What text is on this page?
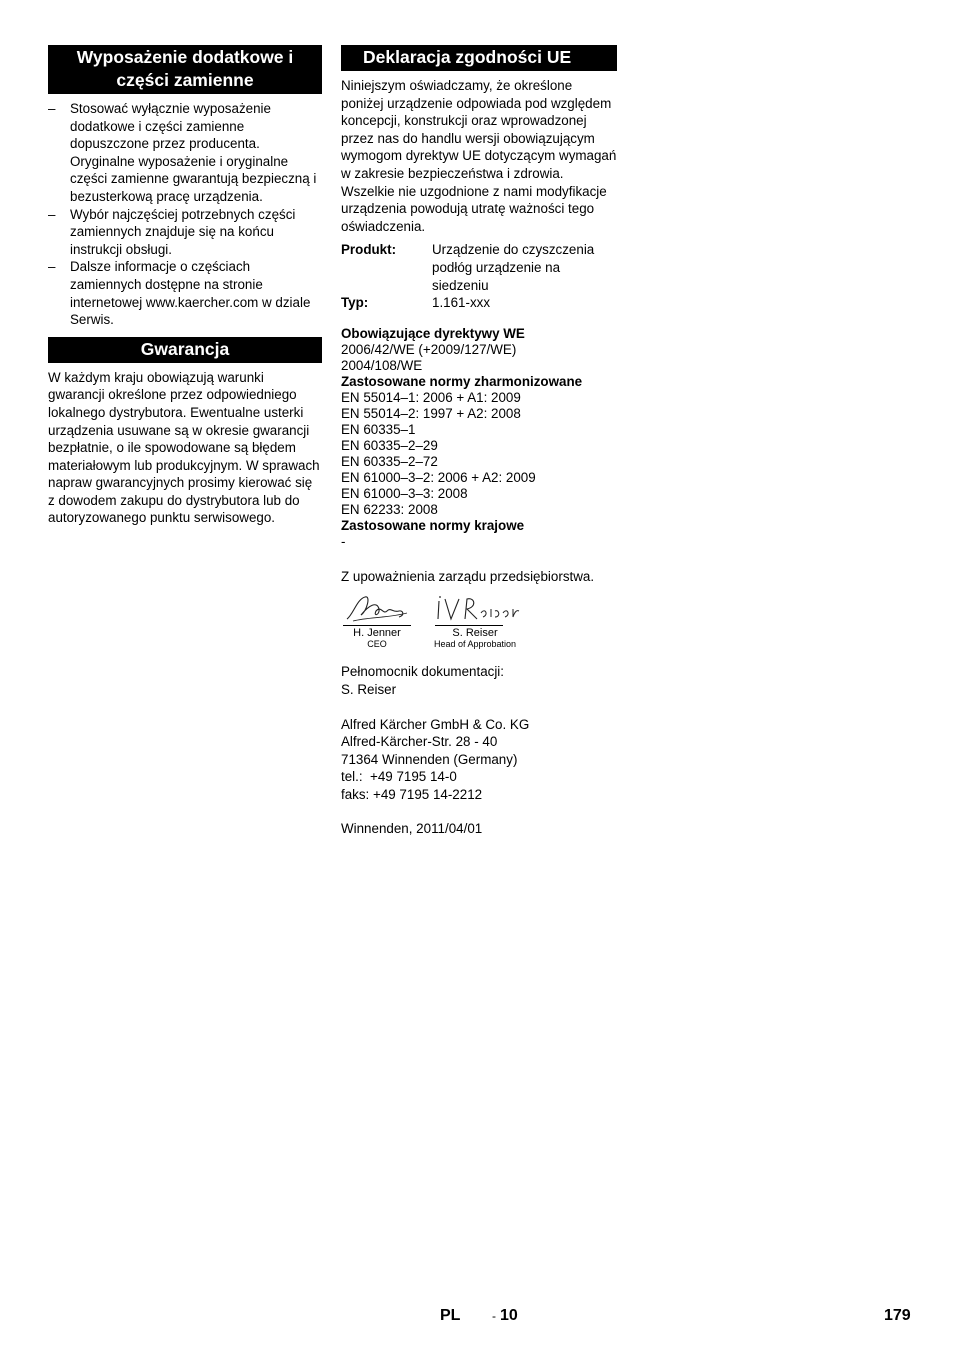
Wyposażenie dodatkowe i
części zamienne
– Stosować wyłącznie wyposażenie dodatkowe i części zamienne dopuszczone przez producenta. Oryginalne wyposażenie i oryginalne części zamienne gwarantują bezpieczną i bezusterkową pracę urządzenia.
– Wybór najczęściej potrzebnych części zamiennych znajduje się na końcu instrukcji obsługi.
– Dalsze informacje o częściach zamiennych dostępne na stronie internetowej www.kaercher.com w dziale Serwis.
Gwarancja
W każdym kraju obowiązują warunki gwarancji określone przez odpowiedniego lokalnego dystrybutora. Ewentualne usterki urządzenia usuwane są w okresie gwarancji bezpłatnie, o ile spowodowane są błędem materiałowym lub produkcyjnym. W sprawach napraw gwarancyjnych prosimy kierować się z dowodem zakupu do dystrybutora lub do autoryzowanego punktu serwisowego.
Deklaracja zgodności UE
Niniejszym oświadczamy, że określone poniżej urządzenie odpowiada pod względem koncepcji, konstrukcji oraz wprowadzonej przez nas do handlu wersji obowiązującym wymogom dyrektyw UE dotyczącym wymagań w zakresie bezpieczeństwa i zdrowia. Wszelkie nie uzgodnione z nami modyfikacje urządzenia powodują utratę ważności tego oświadczenia.
Produkt:	Urządzenie do czyszczenia podłóg urządzenie na siedzeniu
Typ:	1.161-xxx
Obowiązujące dyrektywy WE
2006/42/WE (+2009/127/WE)
2004/108/WE
Zastosowane normy zharmonizowane
EN 55014–1: 2006 + A1: 2009
EN 55014–2: 1997 + A2: 2008
EN 60335–1
EN 60335–2–29
EN 60335–2–72
EN 61000–3–2: 2006 + A2: 2009
EN 61000–3–3: 2008
EN 62233: 2008
Zastosowane normy krajowe
-
Z upoważnienia zarządu przedsiębiorstwa.
H. Jenner
CEO
S. Reiser
Head of Approbation
Pełnomocnik dokumentacji:
S. Reiser
Alfred Kärcher GmbH & Co. KG
Alfred-Kärcher-Str. 28 - 40
71364 Winnenden (Germany)
tel.:  +49 7195 14-0
faks: +49 7195 14-2212
Winnenden, 2011/04/01
PL	- 10	179
